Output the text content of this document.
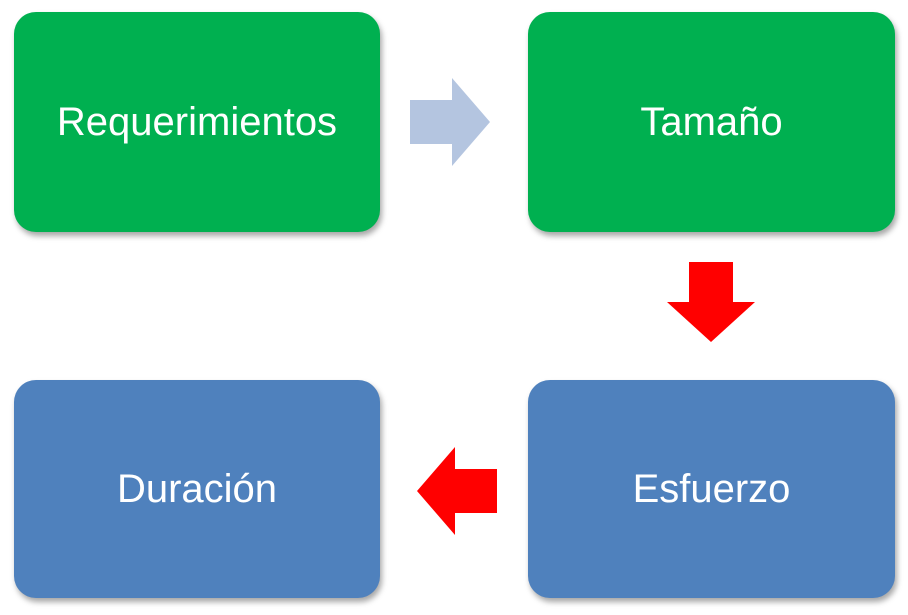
Requerimientos	Tamaño
Esfuerzo
Duración
